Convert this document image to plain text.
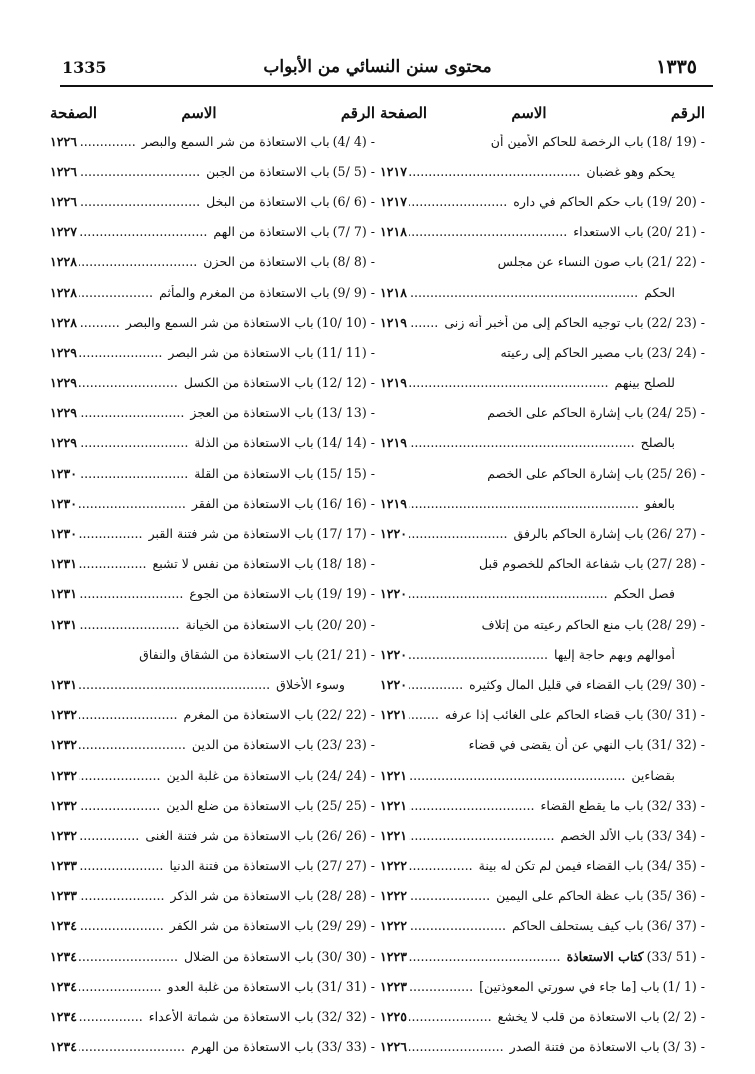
1335	محتوى سنن النسائي من الأبواب	١٣٣٥
الرقم
الاسم
الصفحة
(18/ 19) -باب الرخصة للحاكم الأمين أن
يحكم وهو غضبان .....
١٢١٧
(19/ 20) -باب حكم الحاكم في داره .....
١٢١٧
(20/ 21) -باب الاستعداء .....
١٢١٨
(21/ 22) -باب صون النساء عن مجلس
الحكم .....
١٢١٨
(22/ 23) -باب توجيه الحاكم إلى من أخبر أنه زنى .....
١٢١٩
(23/ 24) -باب مصير الحاكم إلى رعيته
للصلح بينهم .....
١٢١٩
(24/ 25) -باب إشارة الحاكم على الخصم
بالصلح .....
١٢١٩
(25/ 26) -باب إشارة الحاكم على الخصم
بالعفو .....
١٢١٩
(26/ 27) -باب إشارة الحاكم بالرفق .....
١٢٢٠
(27/ 28) -باب شفاعة الحاكم للخصوم قبل
فصل الحكم .....
١٢٢٠
(28/ 29) -باب منع الحاكم رعيته من إتلاف
أموالهم وبهم حاجة إليها .....
١٢٢٠
(29/ 30) -باب القضاء في قليل المال وكثيره .....
١٢٢٠
(30/ 31) -باب قضاء الحاكم على الغائب إذا عرفه .....
١٢٢١
(31/ 32) -باب النهي عن أن يقضى في قضاء
بقضاءين .....
١٢٢١
(32/ 33) -باب ما يقطع القضاء .....
١٢٢١
(33/ 34) -باب الألد الخصم .....
١٢٢١
(34/ 35) -باب القضاء فيمن لم تكن له بينة .....
١٢٢٢
(35/ 36) -باب عظة الحاكم على اليمين .....
١٢٢٢
(36/ 37) -باب كيف يستحلف الحاكم .....
١٢٢٢
(33/ 51) -كتاب الاستعاذة .....
١٢٢٣
(1/ 1) -باب [ما جاء في سورتي المعوذتين] .....
١٢٢٣
(2/ 2) -باب الاستعاذة من قلب لا يخشع .....
١٢٢٥
(3/ 3) -باب الاستعاذة من فتنة الصدر .....
١٢٢٦
الرقم
الاسم
الصفحة
(4/ 4) -باب الاستعاذة من شر السمع والبصر .....
١٢٢٦
(5/ 5) -باب الاستعاذة من الجبن .....
١٢٢٦
(6/ 6) -باب الاستعاذة من البخل .....
١٢٢٦
(7/ 7) -باب الاستعاذة من الهم .....
١٢٢٧
(8/ 8) -باب الاستعاذة من الحزن .....
١٢٢٨
(9/ 9) -باب الاستعاذة من المغرم والمأثم .....
١٢٢٨
(10/ 10) -باب الاستعاذة من شر السمع والبصر .....
١٢٢٨
(11/ 11) -باب الاستعاذة من شر البصر .....
١٢٢٩
(12/ 12) -باب الاستعاذة من الكسل .....
١٢٢٩
(13/ 13) -باب الاستعاذة من العجز .....
١٢٢٩
(14/ 14) -باب الاستعاذة من الذلة .....
١٢٢٩
(15/ 15) -باب الاستعاذة من القلة .....
١٢٣٠
(16/ 16) -باب الاستعاذة من الفقر .....
١٢٣٠
(17/ 17) -باب الاستعاذة من شر فتنة القبر .....
١٢٣٠
(18/ 18) -باب الاستعاذة من نفس لا تشبع .....
١٢٣١
(19/ 19) -باب الاستعاذة من الجوع .....
١٢٣١
(20/ 20) -باب الاستعاذة من الخيانة .....
١٢٣١
(21/ 21) -باب الاستعاذة من الشقاق والنفاق
وسوء الأخلاق .....
١٢٣١
(22/ 22) -باب الاستعاذة من المغرم .....
١٢٣٢
(23/ 23) -باب الاستعاذة من الدين .....
١٢٣٢
(24/ 24) -باب الاستعاذة من غلبة الدين .....
١٢٣٢
(25/ 25) -باب الاستعاذة من ضلع الدين .....
١٢٣٢
(26/ 26) -باب الاستعاذة من شر فتنة الغنى .....
١٢٣٢
(27/ 27) -باب الاستعاذة من فتنة الدنيا .....
١٢٣٣
(28/ 28) -باب الاستعاذة من شر الذكر .....
١٢٣٣
(29/ 29) -باب الاستعاذة من شر الكفر .....
١٢٣٤
(30/ 30) -باب الاستعاذة من الضلال .....
١٢٣٤
(31/ 31) -باب الاستعاذة من غلبة العدو .....
١٢٣٤
(32/ 32) -باب الاستعاذة من شماتة الأعداء .....
١٢٣٤
(33/ 33) -باب الاستعاذة من الهرم .....
١٢٣٤
